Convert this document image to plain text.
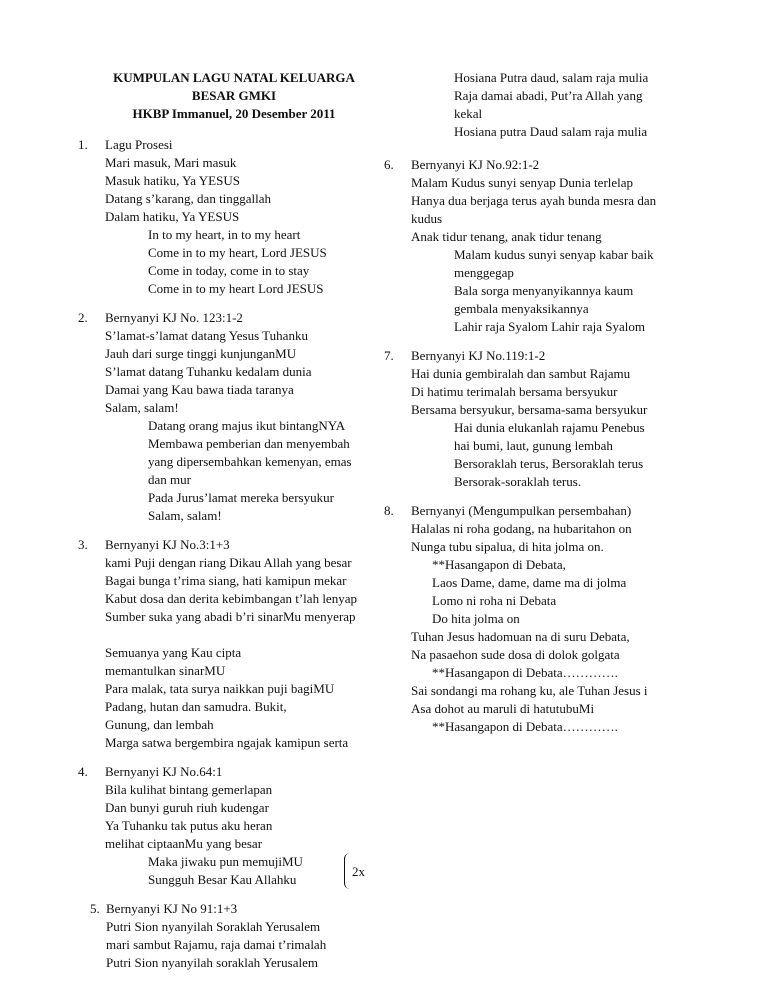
KUMPULAN LAGU NATAL KELUARGA
BESAR GMKI
HKBP Immanuel, 20 Desember 2011
1. Lagu Prosesi
Mari masuk, Mari masuk
Masuk hatiku, Ya YESUS
Datang s’karang, dan tinggallah
Dalam hatiku, Ya YESUS
In to my heart, in to my heart
Come in to my heart, Lord JESUS
Come in today, come in to stay
Come in to my heart Lord JESUS
2. Bernyanyi KJ No. 123:1-2
S’lamat-s’lamat datang Yesus Tuhanku
Jauh dari surge tinggi kunjunganMU
S’lamat datang Tuhanku kedalam dunia
Damai yang Kau bawa tiada taranya
Salam, salam!
Datang orang majus ikut bintangNYA
Membawa pemberian dan menyembah
yang dipersembahkan kemenyan, emas
dan mur
Pada Jurus’lamat mereka bersyukur
Salam, salam!
3. Bernyanyi KJ No.3:1+3
kami Puji dengan riang Dikau Allah yang besar
Bagai bunga t’rima siang, hati kamipun mekar
Kabut dosa dan derita kebimbangan t’lah lenyap
Sumber suka yang abadi b’ri sinarMu menyerap
Semuanya yang Kau cipta
memantulkan sinarMU
Para malak, tata surya naikkan puji bagiMU
Padang, hutan dan samudra. Bukit,
Gunung, dan lembah
Marga satwa bergembira ngajak kamipun serta
4. Bernyanyi KJ No.64:1
Bila kulihat bintang gemerlapan
Dan bunyi guruh riuh kudengar
Ya Tuhanku tak putus aku heran
melihat ciptaanMu yang besar
Maka jiwaku pun memujiMU
Sungguh Besar Kau Allahku
2x
5. Bernyanyi KJ No 91:1+3
Putri Sion nyanyilah Soraklah Yerusalem
mari sambut Rajamu, raja damai t’rimalah
Putri Sion nyanyilah soraklah Yerusalem
Hosiana Putra daud, salam raja mulia
Raja damai abadi, Put’ra Allah yang
kekal
Hosiana putra Daud salam raja mulia
6. Bernyanyi KJ No.92:1-2
Malam Kudus sunyi senyap Dunia terlelap
Hanya dua berjaga terus ayah bunda mesra dan
kudus
Anak tidur tenang, anak tidur tenang
Malam kudus sunyi senyap kabar baik
menggegap
Bala sorga menyanyikannya kaum
gembala menyaksikannya
Lahir raja Syalom Lahir raja Syalom
7. Bernyanyi KJ No.119:1-2
Hai dunia gembiralah dan sambut Rajamu
Di hatimu terimalah bersama bersyukur
Bersama bersyukur, bersama-sama bersyukur
Hai dunia elukanlah rajamu Penebus
hai bumi, laut, gunung lembah
Bersoraklah terus, Bersoraklah terus
Bersorak-soraklah terus.
8. Bernyanyi (Mengumpulkan persembahan)
Halalas ni roha godang, na hubaritahon on
Nunga tubu sipalua, di hita jolma on.
**Hasangapon di Debata,
Laos Dame, dame, dame ma di jolma
Lomo ni roha ni Debata
Do hita jolma on
Tuhan Jesus hadomuan na di suru Debata,
Na pasaehon sude dosa di dolok golgata
**Hasangapon di Debata………….
Sai sondangi ma rohang ku, ale Tuhan Jesus i
Asa dohot au maruli di hatutubuMi
**Hasangapon di Debata………….
